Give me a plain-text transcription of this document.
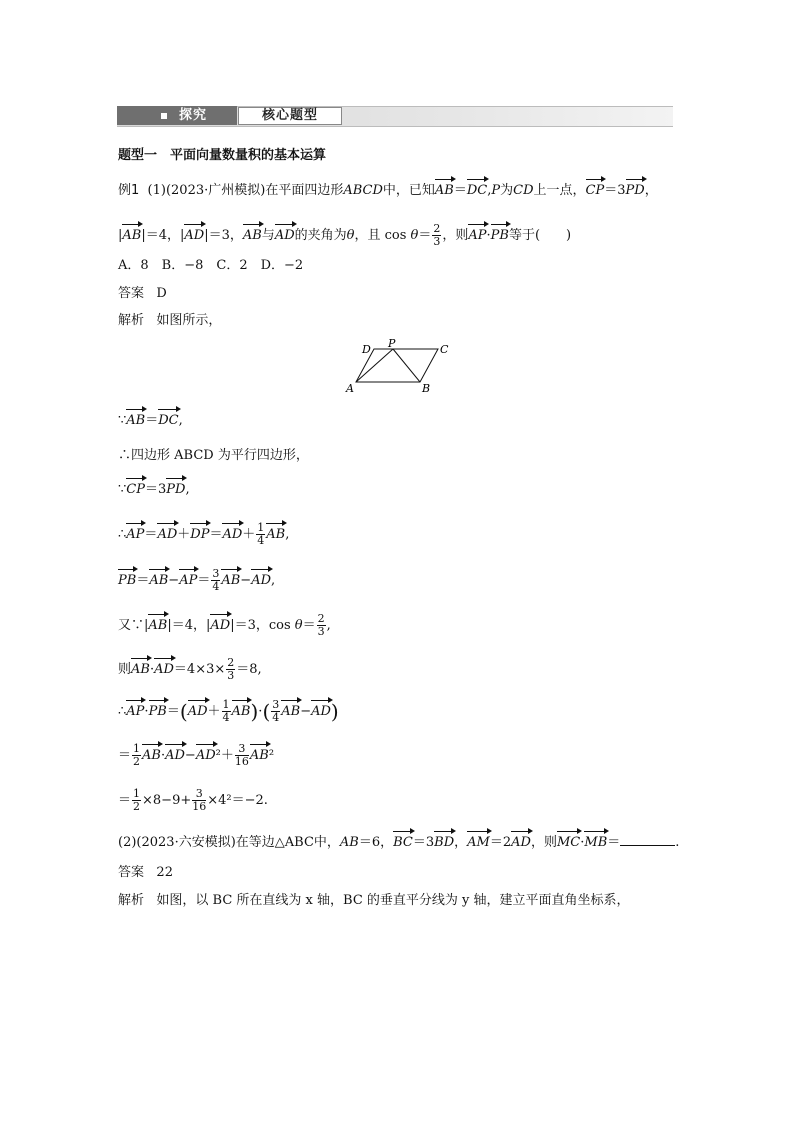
探究	核心题型
题型一　平面向量数量积的基本运算
例1 (1)(2023·广州模拟)在平面四边形ABCD中，已知AB＝DC,P为CD上一点，CP＝3PD，
|AB|＝4，|AD|＝3，AB与AD的夹角为θ，且 $\cos \theta= \frac{2}{3}$ ，则AP·PB等于(　　)
A．8　B．−8　C．2　D．−2
答案 D
解析 如图所示，
A	B
C
D P
∵AB＝DC,
∴四边形 ABCD 为平行四边形，
∵CP＝3PD,
∴AP＝AD＋DP＝AD＋ $\frac{1}{4}$ AB,
$PB=AB-AP= \frac{3}{4} AB-AD$,
又∵|AB|＝4，|AD|＝3，$\cos \theta= \frac{2}{3}$ ,
则$AB\cdot AD=4\times 3\times \frac{2}{3} =8$,
∴AP·PB＝(AD＋ $\frac{1}{4} AB)\cdot( \frac{3}{4} AB-AD)$
＝ $\frac{1}{2} AB\cdot AD-AD^2+ \frac{3}{16} AB^2$
＝ $\frac{1}{2} \times 8-9+ \frac{3}{16} \times 4^2=-2$.
(2)(2023·六安模拟)在等边△ABC中，AB＝6，BC＝3BD，AM＝2AD，则MC·MB＝	.
答案 22
解析 如图，以 BC 所在直线为 x 轴，BC 的垂直平分线为 y 轴，建立平面直角坐标系，
